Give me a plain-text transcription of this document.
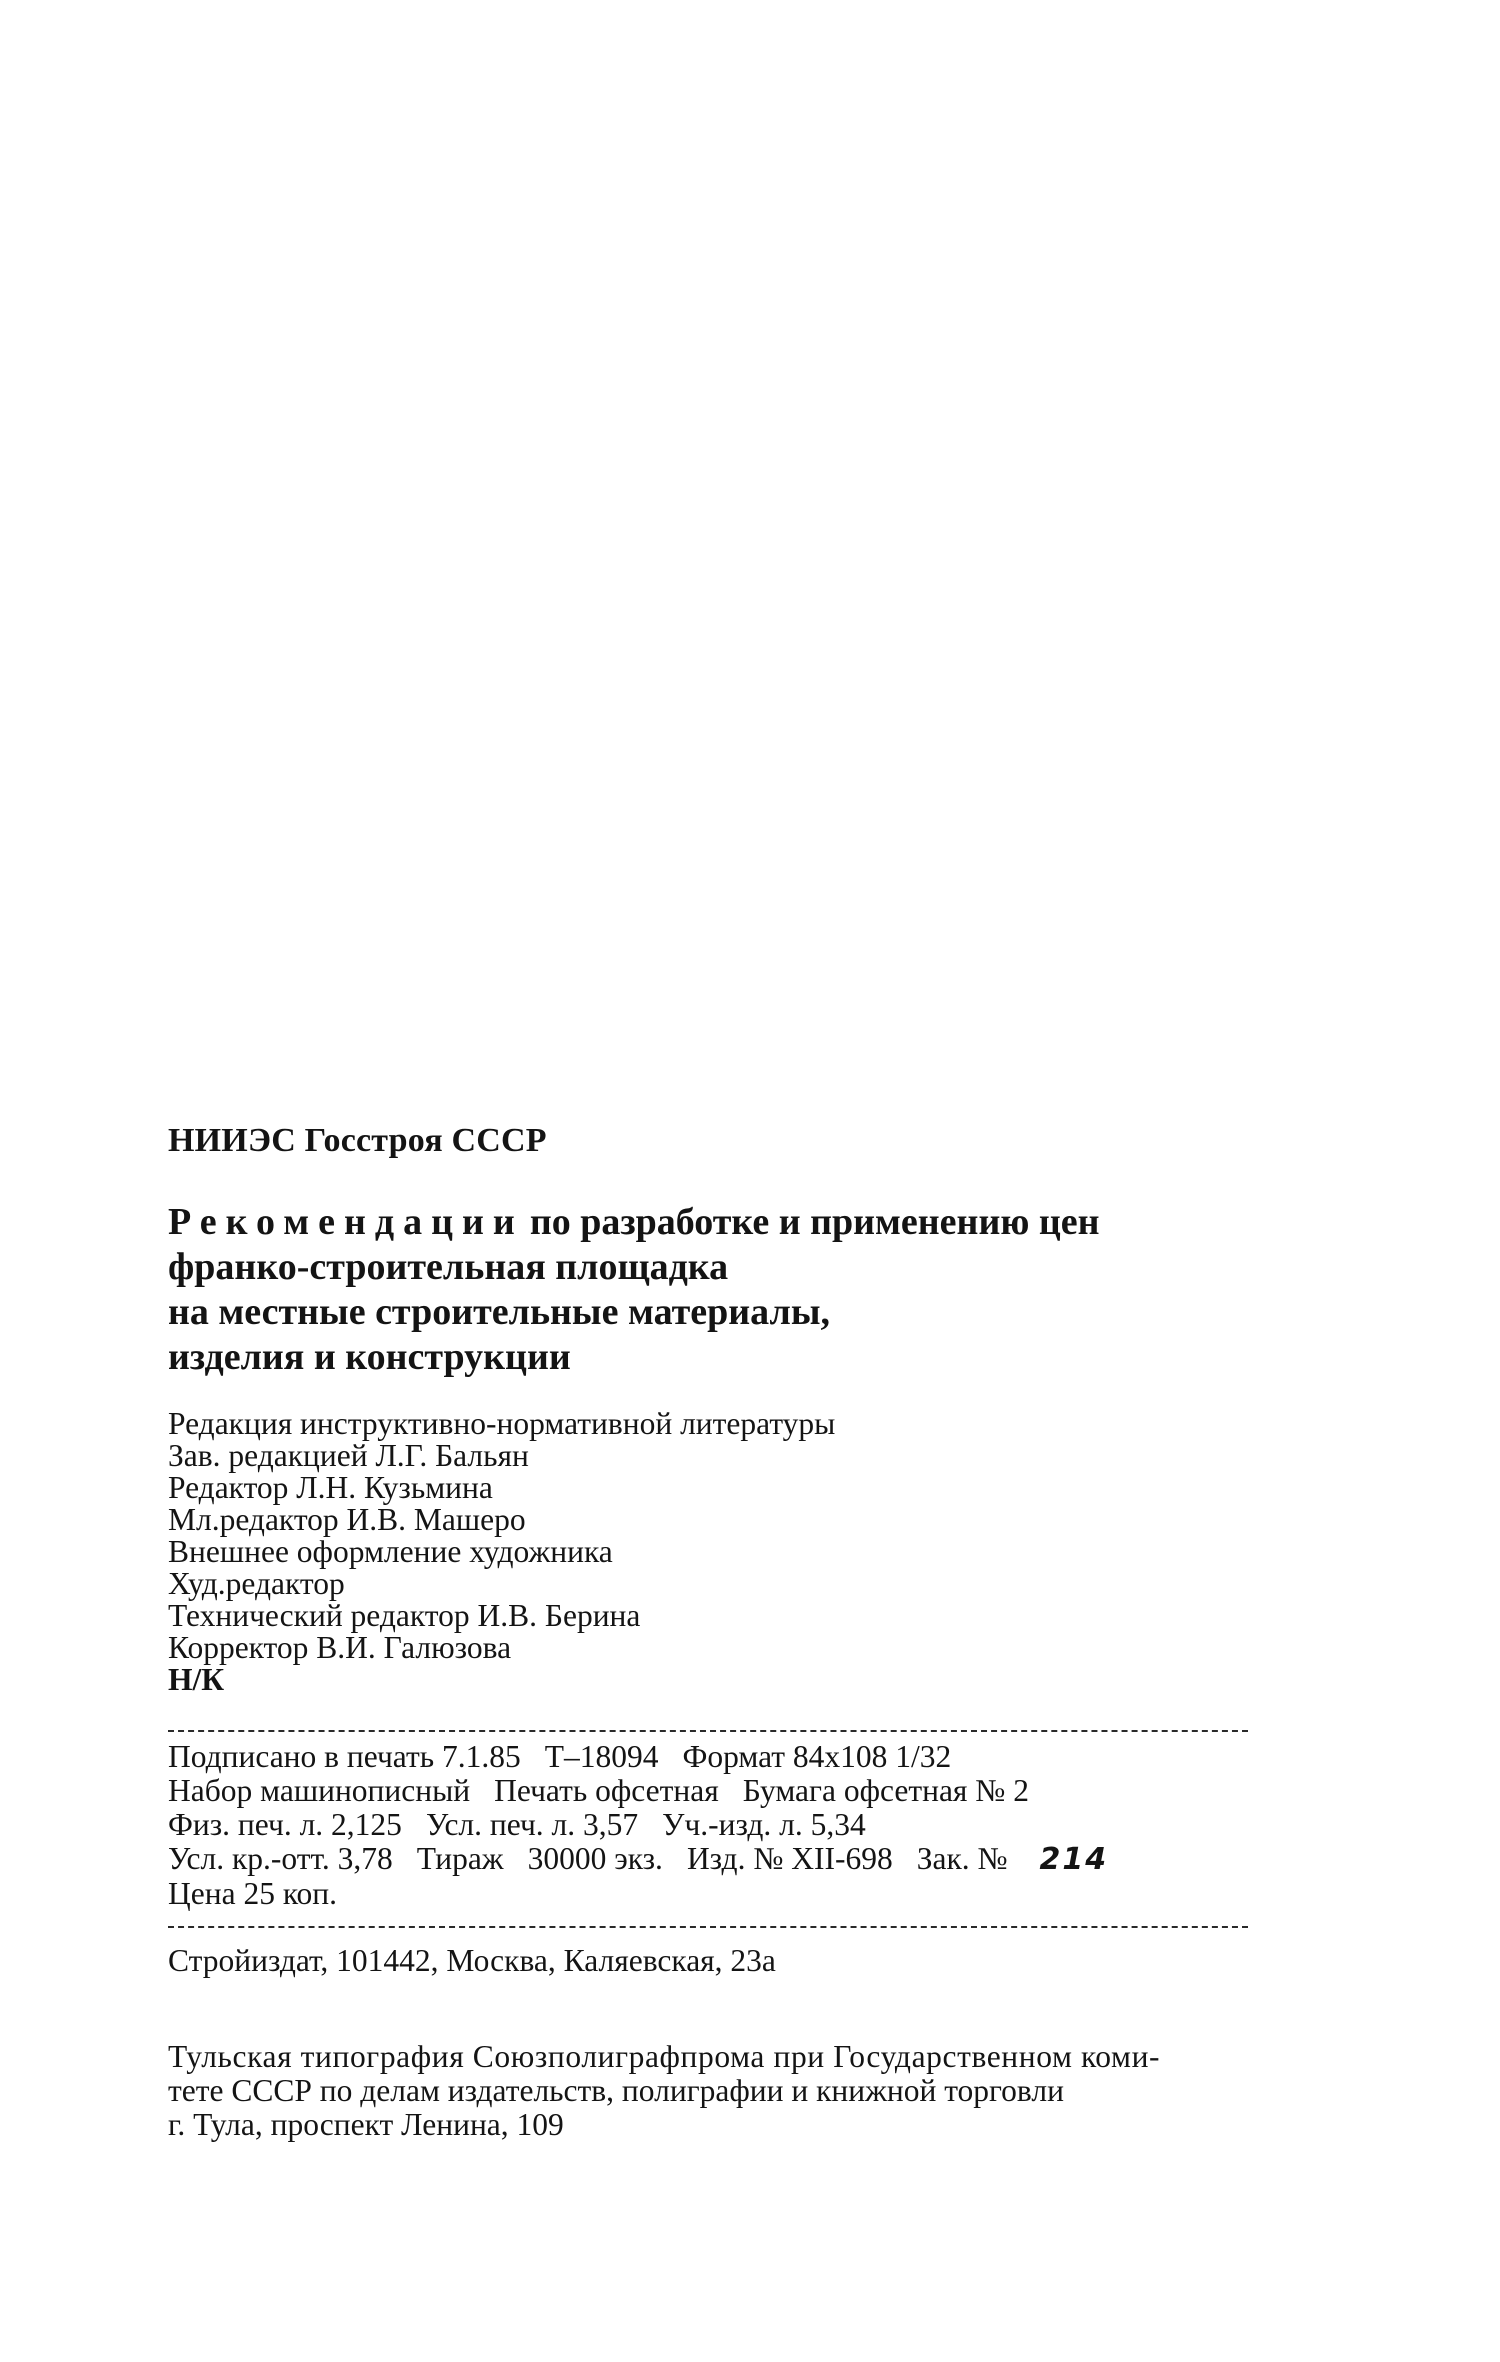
НИИЭС Госстроя СССР
Рекомендации по разработке и применению цен
франко-строительная площадка
на местные строительные материалы,
изделия и конструкции
Редакция инструктивно-нормативной литературы
Зав. редакцией Л.Г. Бальян
Редактор Л.Н. Кузьмина
Мл.редактор И.В. Машеро
Внешнее оформление художника
Худ.редактор
Технический редактор И.В. Берина
Корректор В.И. Галюзова
Н/К
Подписано в печать 7.1.85 Т–18094 Формат 84х108 1/32
Набор машинописный Печать офсетная Бумага офсетная № 2
Физ. печ. л. 2,125 Усл. печ. л. 3,57 Уч.-изд. л. 5,34
Усл. кр.-отт. 3,78 Тираж 30000 экз. Изд. № XII-698 Зак. № 214
Цена 25 коп.
Стройиздат, 101442, Москва, Каляевская, 23а
Тульская типография Союзполиграфпрома при Государственном коми-
тете СССР по делам издательств, полиграфии и книжной торговли
г. Тула, проспект Ленина, 109
